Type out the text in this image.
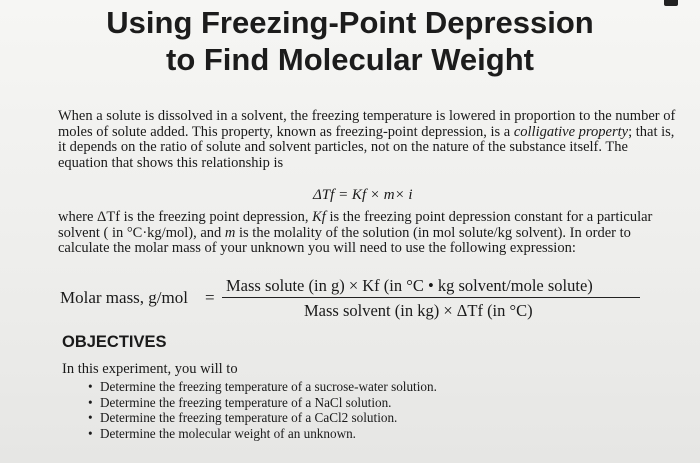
Using Freezing-Point Depression
to Find Molecular Weight

When a solute is dissolved in a solvent, the freezing temperature is lowered in proportion to the number of moles of solute added. This property, known as freezing-point depression, is a colligative property; that is, it depends on the ratio of solute and solvent particles, not on the nature of the substance itself. The equation that shows this relationship is

ΔTf = Kf × m× i

where ΔTf is the freezing point depression, Kf is the freezing point depression constant for a particular solvent ( in °C·kg/mol), and m is the molality of the solution (in mol solute/kg solvent). In order to calculate the molar mass of your unknown you will need to use the following expression:

Molar mass, g/mol =
Mass solute (in g) × Kf (in °C • kg solvent/mole solute)
Mass solvent (in kg) × ΔTf (in °C)
OBJECTIVES
In this experiment, you will to
• Determine the freezing temperature of a sucrose-water solution.
• Determine the freezing temperature of a NaCl solution.
• Determine the freezing temperature of a CaCl2 solution.
• Determine the molecular weight of an unknown.
